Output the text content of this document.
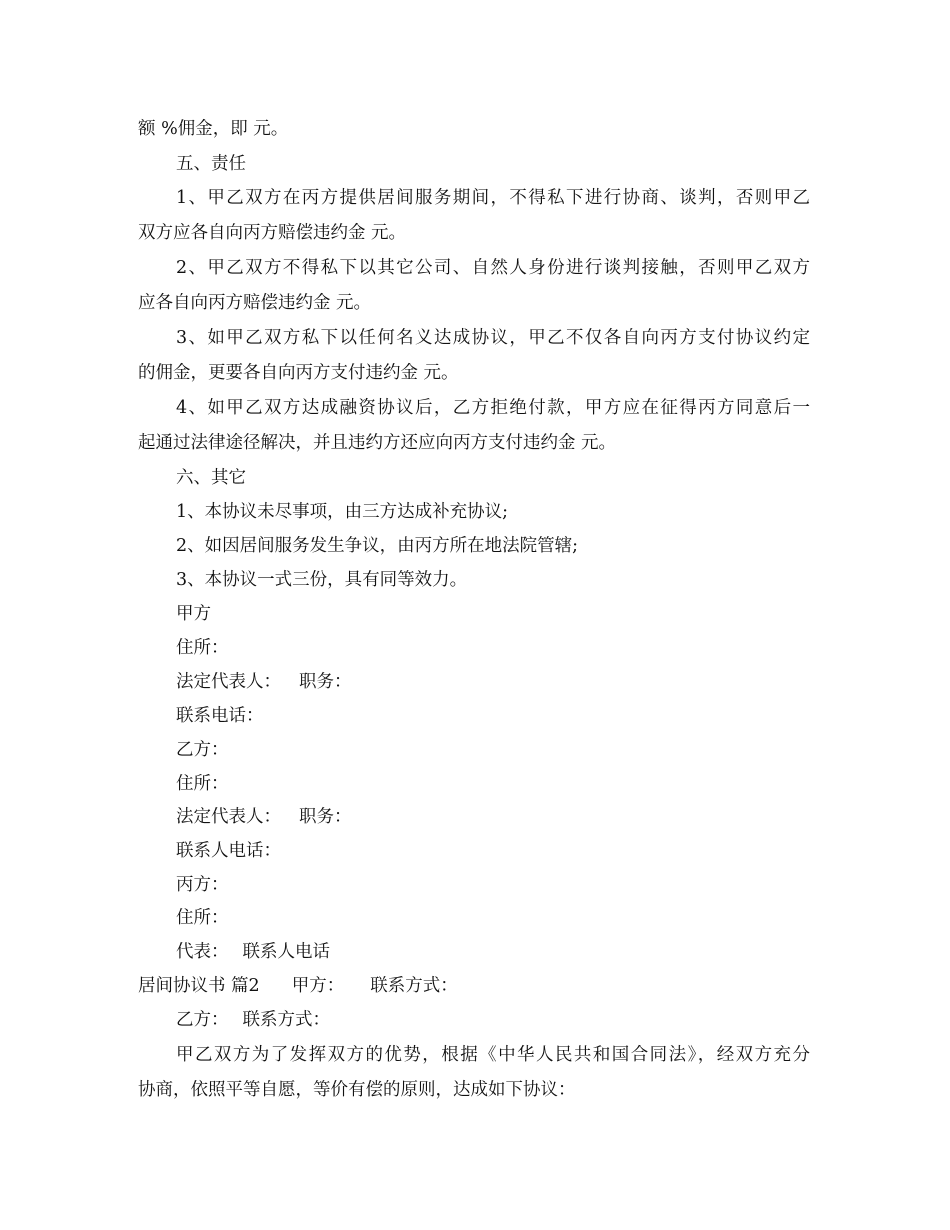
额 %佣金，即 元。
五、责任
1、甲乙双方在丙方提供居间服务期间，不得私下进行协商、谈判，否则甲乙
双方应各自向丙方赔偿违约金 元。
2、甲乙双方不得私下以其它公司、自然人身份进行谈判接触，否则甲乙双方
应各自向丙方赔偿违约金 元。
3、如甲乙双方私下以任何名义达成协议，甲乙不仅各自向丙方支付协议约定
的佣金，更要各自向丙方支付违约金 元。
4、如甲乙双方达成融资协议后，乙方拒绝付款，甲方应在征得丙方同意后一
起通过法律途径解决，并且违约方还应向丙方支付违约金 元。
六、其它
1、本协议未尽事项，由三方达成补充协议;
2、如因居间服务发生争议，由丙方所在地法院管辖;
3、本协议一式三份，具有同等效力。
甲方
住所：
法定代表人： 职务：
联系电话：
乙方：
住所：
法定代表人： 职务：
联系人电话：
丙方：
住所：
代表： 联系人电话
居间协议书 篇2 甲方： 联系方式：
乙方： 联系方式：
甲乙双方为了发挥双方的优势，根据《中华人民共和国合同法》，经双方充分
协商，依照平等自愿，等价有偿的原则，达成如下协议：
